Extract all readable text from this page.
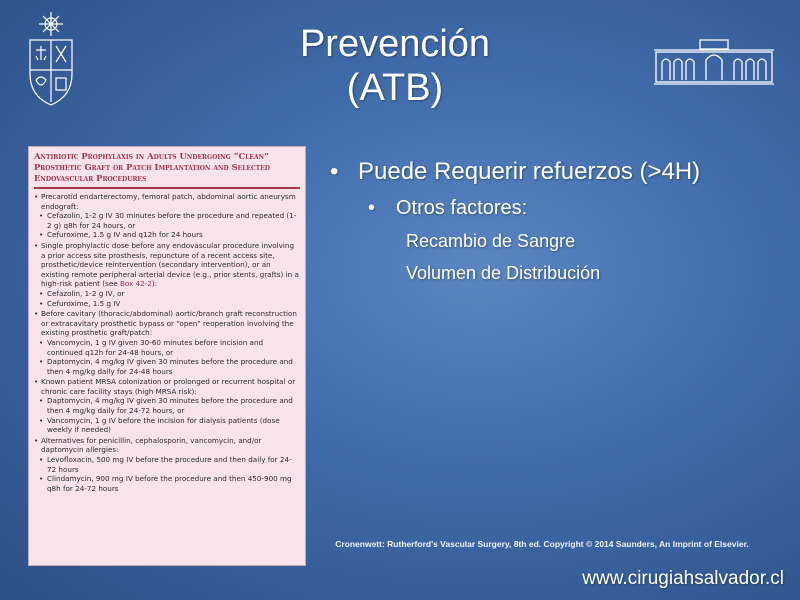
Prevención
(ATB)
Antibiotic Prophylaxis in Adults Undergoing “Clean” Prosthetic Graft or Patch Implantation and Selected Endovascular Procedures
• Precarotid endarterectomy, femoral patch, abdominal aortic aneurysm endograft:
• Cefazolin, 1-2 g IV 30 minutes before the procedure and repeated (1-2 g) q8h for 24 hours, or
• Cefuroxime, 1.5 g IV and q12h for 24 hours
• Single prophylactic dose before any endovascular procedure involving a prior access site prosthesis, repuncture of a recent access site, prosthetic/device reintervention (secondary intervention), or an existing remote peripheral arterial device (e.g., prior stents, grafts) in a high-risk patient (see Box 42-2):
• Cefazolin, 1-2 g IV, or
• Cefuroxime, 1.5 g IV
• Before cavitary (thoracic/abdominal) aortic/branch graft reconstruction or extracavitary prosthetic bypass or “open” reoperation involving the existing prosthetic graft/patch:
• Vancomycin, 1 g IV given 30-60 minutes before incision and continued q12h for 24-48 hours, or
• Daptomycin, 4 mg/kg IV given 30 minutes before the procedure and then 4 mg/kg daily for 24-48 hours
• Known patient MRSA colonization or prolonged or recurrent hospital or chronic care facility stays (high MRSA risk):
• Daptomycin, 4 mg/kg IV given 30 minutes before the procedure and then 4 mg/kg daily for 24-72 hours, or
• Vancomycin, 1 g IV before the incision for dialysis patients (dose weekly if needed)
• Alternatives for penicillin, cephalosporin, vancomycin, and/or daptomycin allergies:
• Levofloxacin, 500 mg IV before the procedure and then daily for 24-72 hours
• Clindamycin, 900 mg IV before the procedure and then 450-900 mg q8h for 24-72 hours
• Puede Requerir refuerzos (>4H)
• Otros factores:
Recambio de Sangre
Volumen de Distribución
Cronenwett: Rutherford's Vascular Surgery, 8th ed. Copyright © 2014 Saunders, An Imprint of Elsevier.
www.cirugiahsalvador.cl
